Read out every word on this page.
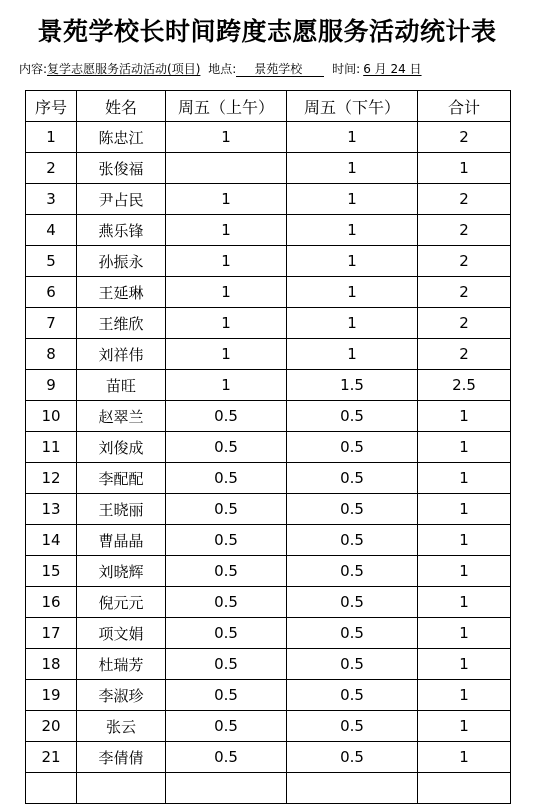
景苑学校长时间跨度志愿服务活动统计表
内容:复学志愿服务活动活动(项目) 地点: 景苑学校 时间: 6 月 24 日
序号	姓名	周五（上午）	周五（下午）	合计
1	陈忠江	1	1	2
2	张俊福		1	1
3	尹占民	1	1	2
4	燕乐锋	1	1	2
5	孙振永	1	1	2
6	王延琳	1	1	2
7	王维欣	1	1	2
8	刘祥伟	1	1	2
9	苗旺	1	1.5	2.5
10	赵翠兰	0.5	0.5	1
11	刘俊成	0.5	0.5	1
12	李配配	0.5	0.5	1
13	王晓丽	0.5	0.5	1
14	曹晶晶	0.5	0.5	1
15	刘晓辉	0.5	0.5	1
16	倪元元	0.5	0.5	1
17	项文娟	0.5	0.5	1
18	杜瑞芳	0.5	0.5	1
19	李淑珍	0.5	0.5	1
20	张云	0.5	0.5	1
21	李倩倩	0.5	0.5	1
